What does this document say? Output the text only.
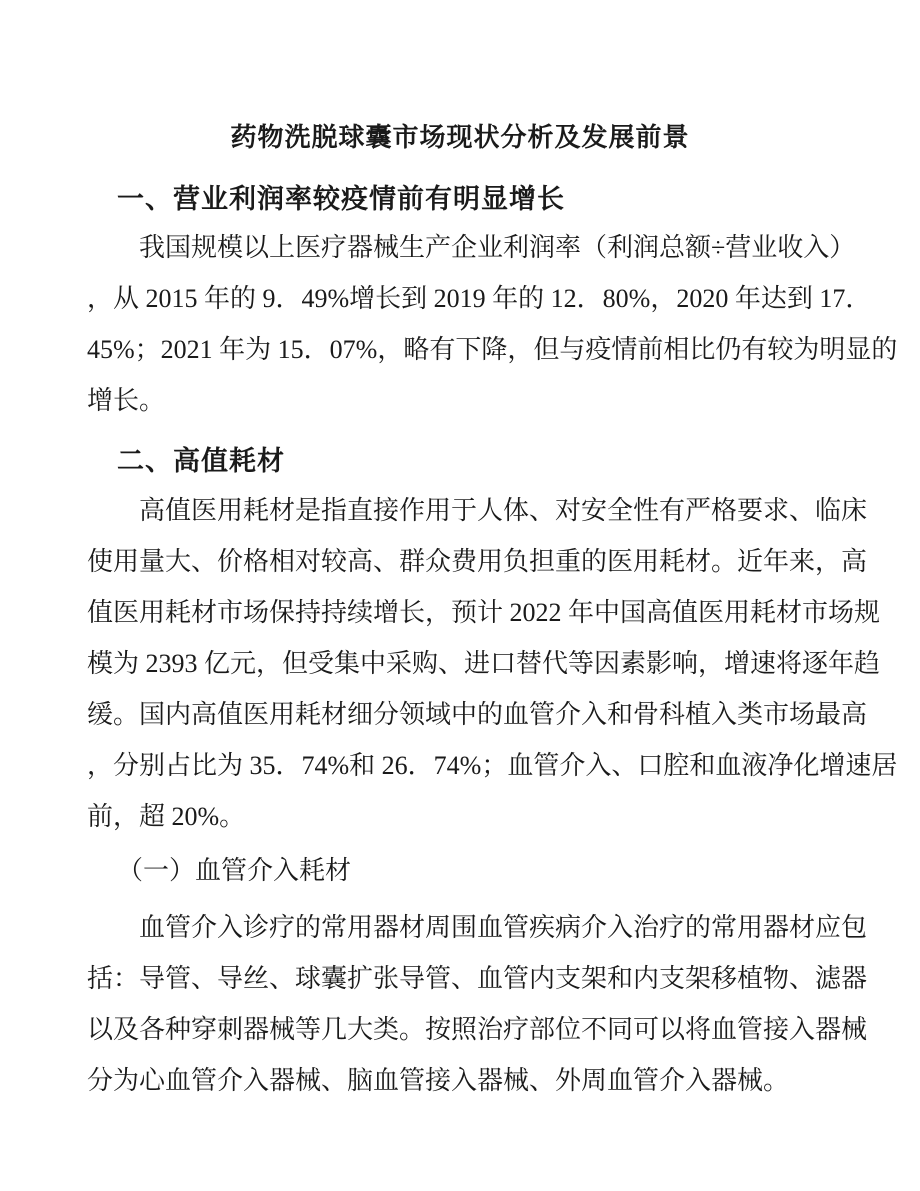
药物洗脱球囊市场现状分析及发展前景
一、营业利润率较疫情前有明显增长
我国规模以上医疗器械生产企业利润率（利润总额÷营业收入）
，从 2015 年的 9．49%增长到 2019 年的 12．80%，2020 年达到 17．
45%；2021 年为 15．07%，略有下降，但与疫情前相比仍有较为明显的
增长。
二、高值耗材
高值医用耗材是指直接作用于人体、对安全性有严格要求、临床
使用量大、价格相对较高、群众费用负担重的医用耗材。近年来，高
值医用耗材市场保持持续增长，预计 2022 年中国高值医用耗材市场规
模为 2393 亿元，但受集中采购、进口替代等因素影响，增速将逐年趋
缓。国内高值医用耗材细分领域中的血管介入和骨科植入类市场最高
，分别占比为 35．74%和 26．74%；血管介入、口腔和血液净化增速居
前，超 20%。
（一）血管介入耗材
血管介入诊疗的常用器材周围血管疾病介入治疗的常用器材应包
括：导管、导丝、球囊扩张导管、血管内支架和内支架移植物、滤器
以及各种穿刺器械等几大类。按照治疗部位不同可以将血管接入器械
分为心血管介入器械、脑血管接入器械、外周血管介入器械。
